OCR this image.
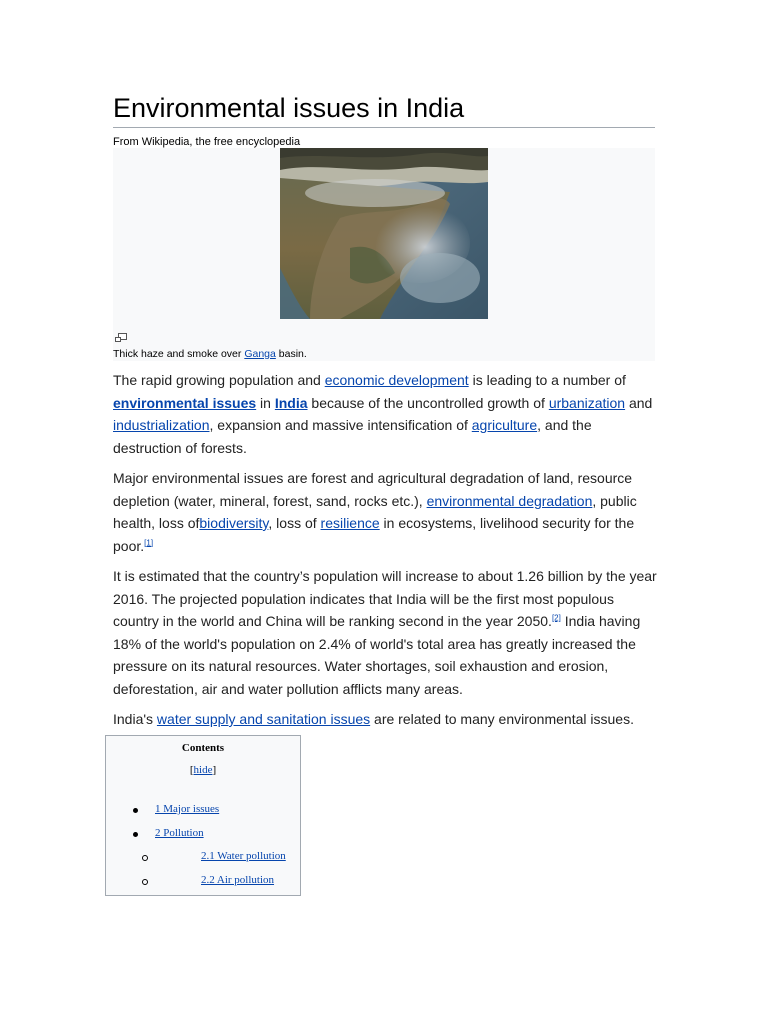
Environmental issues in India
From Wikipedia, the free encyclopedia
Thick haze and smoke over Ganga basin.

The rapid growing population and economic development is leading to a number of environmental issues in India because of the uncontrolled growth of urbanization and industrialization, expansion and massive intensification of agriculture, and the destruction of forests.

Major environmental issues are forest and agricultural degradation of land, resource depletion (water, mineral, forest, sand, rocks etc.), environmental degradation, public health, loss ofbiodiversity, loss of resilience in ecosystems, livelihood security for the poor.[1]

It is estimated that the country’s population will increase to about 1.26 billion by the year 2016. The projected population indicates that India will be the first most populous country in the world and China will be ranking second in the year 2050.[2] India having 18% of the world's population on 2.4% of world's total area has greatly increased the pressure on its natural resources. Water shortages, soil exhaustion and erosion, deforestation, air and water pollution afflicts many areas.

India's water supply and sanitation issues are related to many environmental issues.

Contents
[hide]
1 Major issues
2 Pollution
2.1 Water pollution
2.2 Air pollution
